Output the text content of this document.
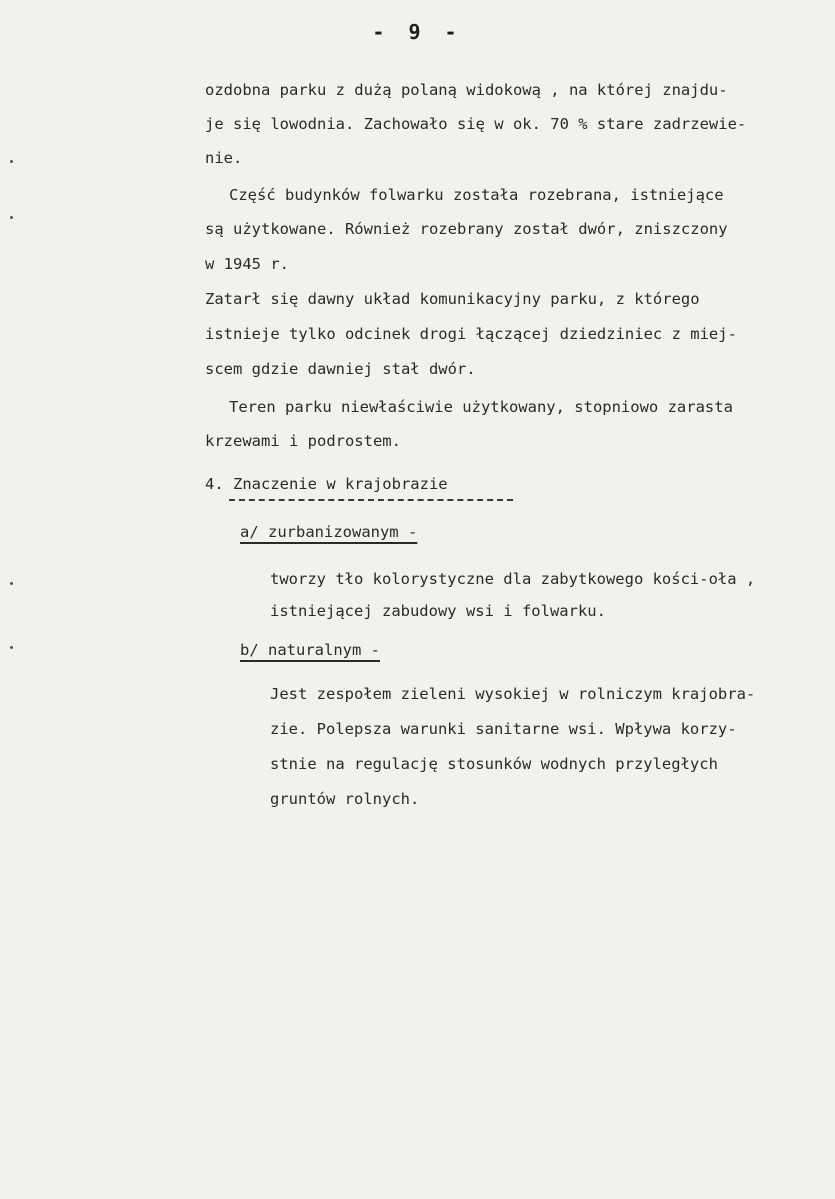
- 9 -
ozdobna parku z dużą polaną widokową , na której znajdu-
je się lowodnia. Zachowało się w ok. 70 % stare zadrzewie-
nie.
Część budynków folwarku została rozebrana, istniejące
są użytkowane. Również rozebrany został dwór, zniszczony
w 1945 r.
Zatarł się dawny układ komunikacyjny parku, z którego
istnieje tylko odcinek drogi łączącej dziedziniec z miej-
scem gdzie dawniej stał dwór.
Teren parku niewłaściwie użytkowany, stopniowo zarasta
krzewami i podrostem.
4. Znaczenie w krajobrazie
a/ zurbanizowanym -
tworzy tło kolorystyczne dla zabytkowego kości-oła ,
istniejącej zabudowy wsi i folwarku.
b/ naturalnym -
Jest zespołem zieleni wysokiej w rolniczym krajobra-
zie. Polepsza warunki sanitarne wsi. Wpływa korzy-
stnie na regulację stosunków wodnych przyległych
gruntów rolnych.
